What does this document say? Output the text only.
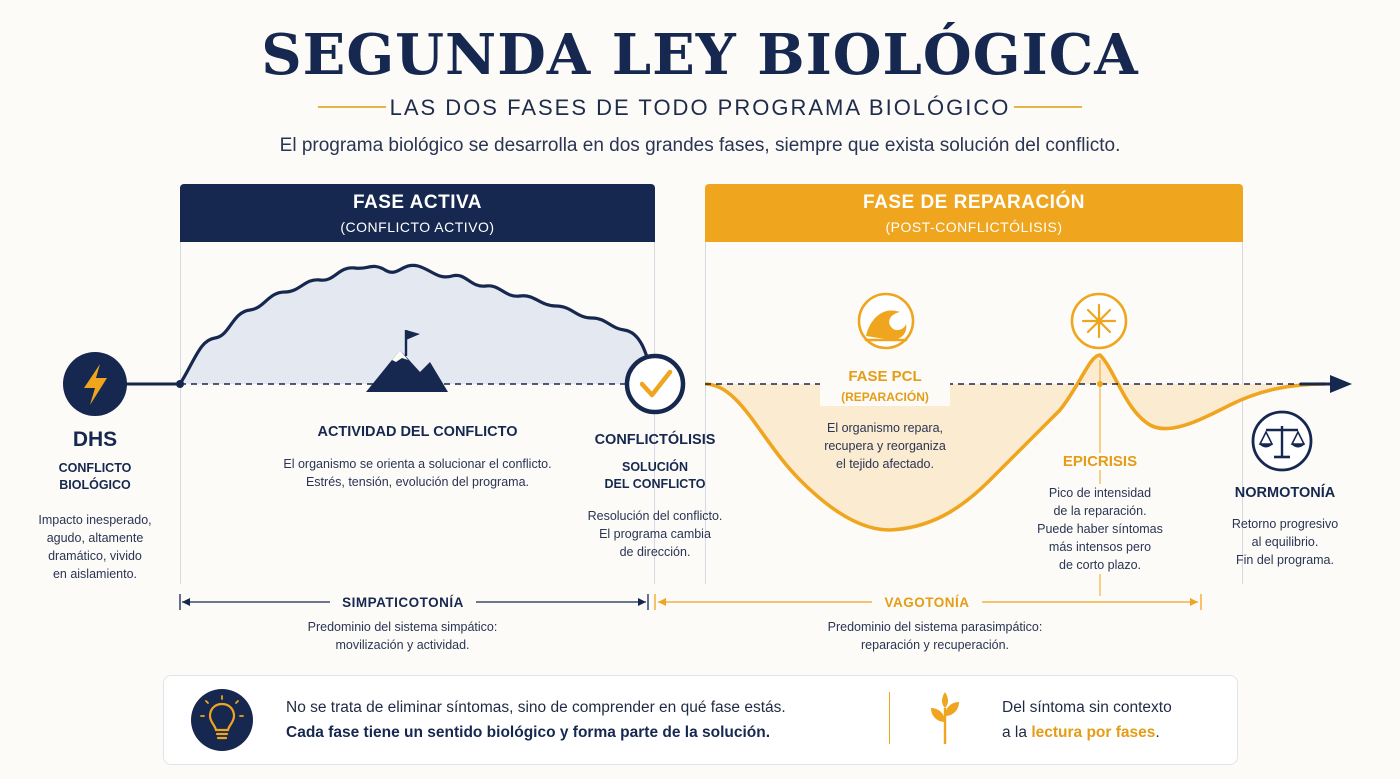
SEGUNDA LEY BIOLÓGICA
LAS DOS FASES DE TODO PROGRAMA BIOLÓGICO
El programa biológico se desarrolla en dos grandes fases, siempre que exista solución del conflicto.
FASE ACTIVA
(CONFLICTO ACTIVO)
FASE DE REPARACIÓN
(POST-CONFLICTÓLISIS)
DHS
CONFLICTO
BIOLÓGICO
Impacto inesperado,
agudo, altamente
dramático, vivido
en aislamiento.
ACTIVIDAD DEL CONFLICTO
El organismo se orienta a solucionar el conflicto.
Estrés, tensión, evolución del programa.
CONFLICTÓLISIS
SOLUCIÓN
DEL CONFLICTO
Resolución del conflicto.
El programa cambia
de dirección.
FASE PCL
(REPARACIÓN)
El organismo repara,
recupera y reorganiza
el tejido afectado.	EPICRISIS
Pico de intensidad
de la reparación.
Puede haber síntomas
más intensos pero
de corto plazo.
NORMOTONÍA
Retorno progresivo
al equilibrio.
Fin del programa.
SIMPATICOTONÍA
Predominio del sistema simpático:
movilización y actividad.
VAGOTONÍA
Predominio del sistema parasimpático:
reparación y recuperación.
No se trata de eliminar síntomas, sino de comprender en qué fase estás.
Cada fase tiene un sentido biológico y forma parte de la solución.
Del síntoma sin contexto
a la lectura por fases.
